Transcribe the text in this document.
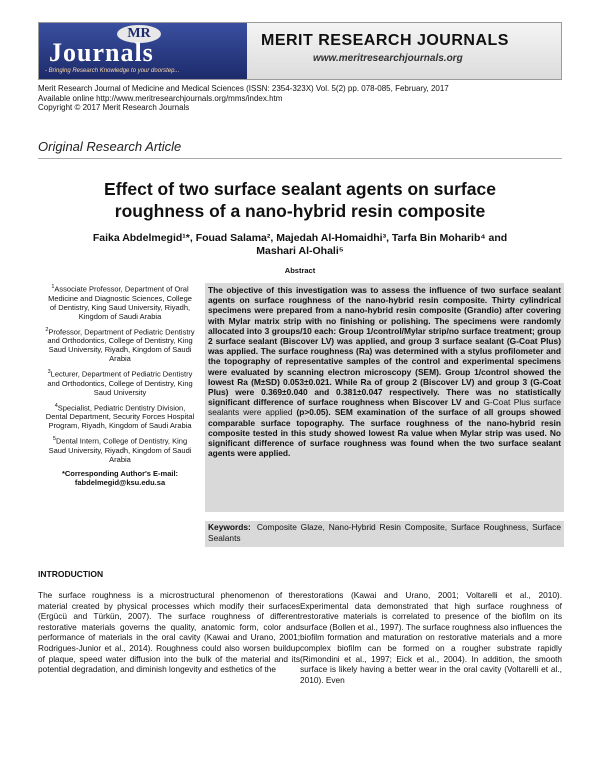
MR
Journals
- Bringing Research Knowledge to your doorstep...
MERIT RESEARCH JOURNALS
www.meritresearchjournals.org
Merit Research Journal of Medicine and Medical Sciences (ISSN: 2354-323X) Vol. 5(2) pp. 078-085, February, 2017
Available online http://www.meritresearchjournals.org/mms/index.htm
Copyright © 2017 Merit Research Journals
Original Research Article
Effect of two surface sealant agents on surface roughness of a nano-hybrid resin composite
Faika Abdelmegid¹*, Fouad Salama², Majedah Al-Homaidhi³, Tarfa Bin Moharib⁴ and
Mashari Al-Ohali⁵
Abstract
$^1$Associate Professor, Department of Oral Medicine and Diagnostic Sciences, College of Dentistry, King Saud University, Riyadh, Kingdom of Saudi Arabia
$^2$Professor, Department of Pediatric Dentistry and Orthodontics, College of Dentistry, King Saud University, Riyadh, Kingdom of Saudi Arabia
$^3$Lecturer, Department of Pediatric Dentistry and Orthodontics, College of Dentistry, King Saud University
$^4$Specialist, Pediatric Dentistry Division, Dental Department, Security Forces Hospital Program, Riyadh, Kingdom of Saudi Arabia
$^5$Dental Intern, College of Dentistry, King Saud University, Riyadh, Kingdom of Saudi Arabia
*Corresponding Author's E-mail:
fabdelmegid@ksu.edu.sa
The objective of this investigation was to assess the influence of two surface sealant agents on surface roughness of the nano-hybrid resin composite. Thirty cylindrical specimens were prepared from a nano-hybrid resin composite (Grandio) after covering with Mylar matrix strip with no finishing or polishing. The specimens were randomly allocated into 3 groups/10 each: Group 1/control/Mylar strip/no surface treatment; group 2 surface sealant (Biscover LV) was applied, and group 3 surface sealant (G-Coat Plus) was applied. The surface roughness (Ra) was determined with a stylus profilometer and the topography of representative samples of the control and experimental specimens were evaluated by scanning electron microscopy (SEM). Group 1/control showed the lowest Ra (M±SD) 0.053±0.021. While Ra of group 2 (Biscover LV) and group 3 (G-Coat Plus) were 0.369±0.040 and 0.381±0.047 respectively. There was no statistically significant difference of surface roughness when Biscover LV and G-Coat Plus surface sealants were applied (p>0.05). SEM examination of the surface of all groups showed comparable surface topography. The surface roughness of the nano-hybrid resin composite tested in this study showed lowest Ra value when Mylar strip was used. No significant difference of surface roughness was found when the two surface sealant agents were applied.
Keywords: Composite Glaze, Nano-Hybrid Resin Composite, Surface Roughness, Surface Sealants
INTRODUCTION
The surface roughness is a microstructural phenomenon of the material created by physical processes which modify their surfaces (Ergücü and Türkün, 2007). The surface roughness of different restorative materials governs the quality, anatomic form, color and performance of materials in the oral cavity (Kawai and Urano, 2001; Rodrigues-Junior et al., 2014). Roughness could also worsen buildup of plaque, speed water diffusion into the bulk of the material and its potential degradation, and diminish longevity and esthetics of the
restorations (Kawai and Urano, 2001; Voltarelli et al., 2010). Experimental data demonstrated that high surface roughness of restorative materials is correlated to presence of the biofilm on its surface (Bollen et al., 1997). The surface roughness also influences the biofilm formation and maturation on restorative materials and a more complex biofilm can be formed on a rougher substrate rapidly (Rimondini et al., 1997; Eick et al., 2004). In addition, the smooth surface is likely having a better wear in the oral cavity (Voltarelli et al., 2010). Even
